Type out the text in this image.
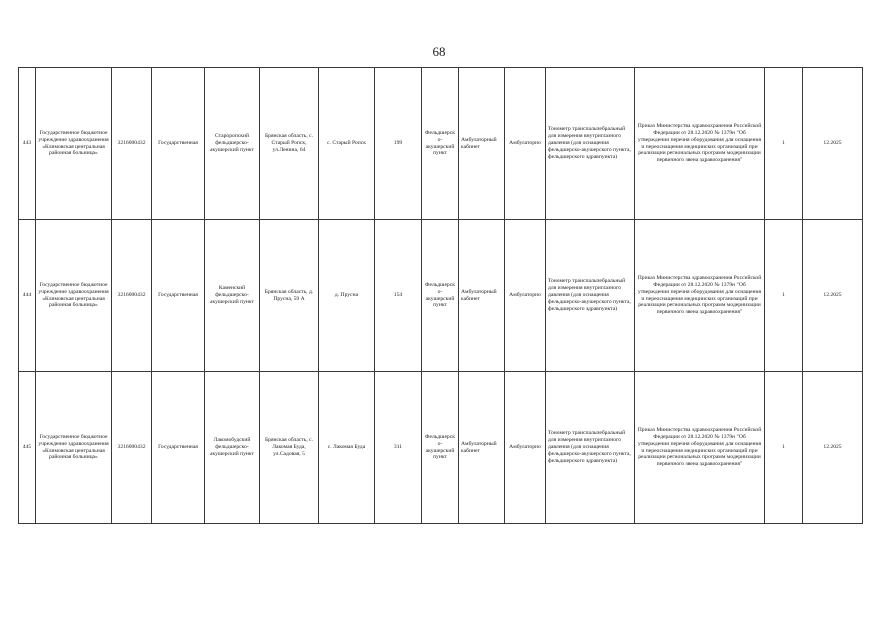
68
443	Государственное бюджетное учреждение здравоохранения «Климовская центральная районная больница»	3216000432	Государственная	Староропский фельдшерско-акушерский пункт	Брянская область, с. Старый Ропск, ул.Ленина, 64	с. Старый Ропск	199	Фельдшерско-акушерский пункт	Амбулаторный кабинет	Амбулаторно	Тонометр транспальпебральный для измерения внутриглазного давления (для оснащения фельдшерско-акушерского пункта, фельдшерского здравпункта)	Приказ Министерства здравоохранения Российской Федерации от 28.12.2020 № 1379н "Об утверждении перечня оборудования для оснащения и переоснащения медицинских организаций при реализации региональных программ модернизации первичного звена здравоохранения"	1	12.2025
444	Государственное бюджетное учреждение здравоохранения «Климовская центральная районная больница»	3216000432	Государственная	Каменский фельдшерско-акушерский пункт	Брянская область, д. Прусна, 59 А	д. Прусна	154	Фельдшерско-акушерский пункт	Амбулаторный кабинет	Амбулаторно	Тонометр транспальпебральный для измерения внутриглазного давления (для оснащения фельдшерско-акушерского пункта, фельдшерского здравпункта)	Приказ Министерства здравоохранения Российской Федерации от 28.12.2020 № 1379н "Об утверждении перечня оборудования для оснащения и переоснащения медицинских организаций при реализации региональных программ модернизации первичного звена здравоохранения"	1	12.2025
445	Государственное бюджетное учреждение здравоохранения «Климовская центральная районная больница»	3216000432	Государственная	Лакомобудский фельдшерско-акушерский пункт	Брянская область, с. Лакомая Буда, ул.Садовая, 5	с. Лакомая Буда	311	Фельдшерско-акушерский пункт	Амбулаторный кабинет	Амбулаторно	Тонометр транспальпебральный для измерения внутриглазного давления (для оснащения фельдшерско-акушерского пункта, фельдшерского здравпункта)	Приказ Министерства здравоохранения Российской Федерации от 28.12.2020 № 1379н "Об утверждении перечня оборудования для оснащения и переоснащения медицинских организаций при реализации региональных программ модернизации первичного звена здравоохранения"	1	12.2025
